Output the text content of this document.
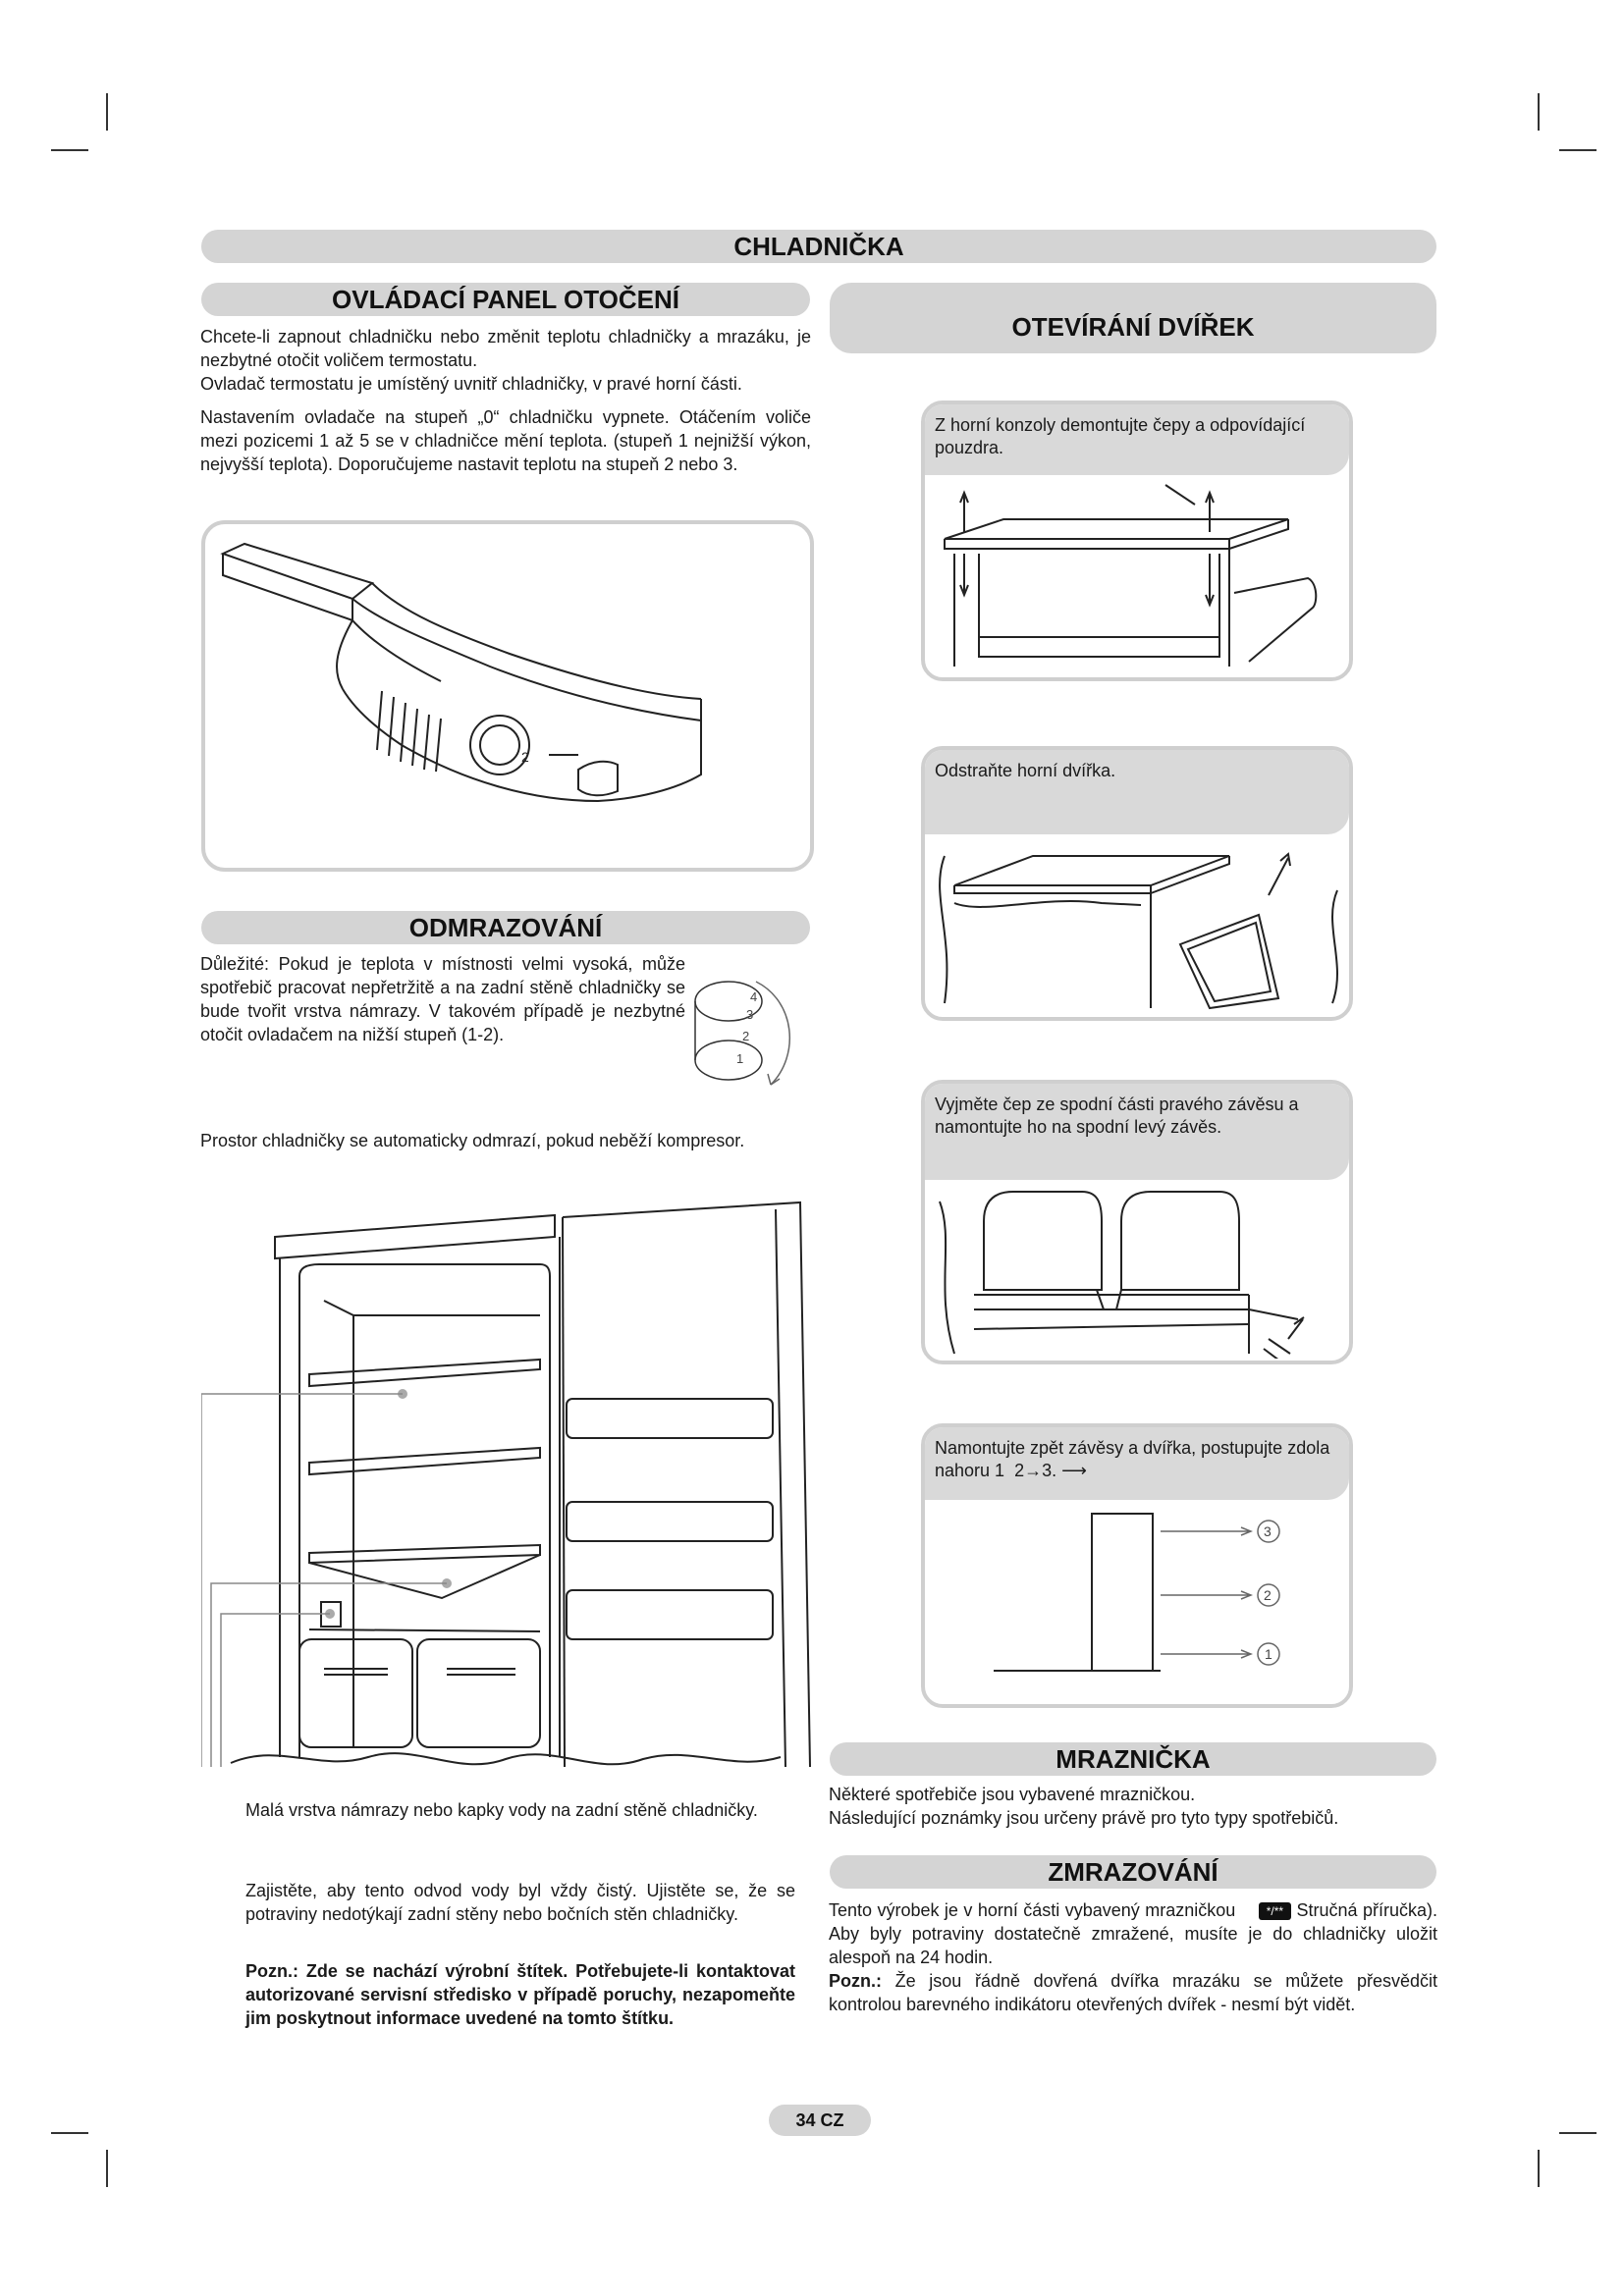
CHLADNIČKA
OVLÁDACÍ PANEL OTOČENÍ
Chcete-li zapnout chladničku nebo změnit teplotu chladničky a mrazáku, je nezbytné otočit voličem termostatu.
Ovladač termostatu je umístěný uvnitř chladničky, v pravé horní části.
Nastavením ovladače na stupeň „0“ chladničku vypnete. Otáčením voliče mezi pozicemi 1 až 5 se v chladničce mění teplota. (stupeň 1 nejnižší výkon, nejvyšší teplota). Doporučujeme nastavit teplotu na stupeň 2 nebo 3.
2
ODMRAZOVÁNÍ
Důležité: Pokud je teplota v místnosti velmi vysoká, může spotřebič pracovat nepřetržitě a na zadní stěně chladničky se bude tvořit vrstva námrazy. V takovém případě je nezbytné otočit ovladačem na nižší stupeň (1-2).
4
3
2
1
Prostor chladničky se automaticky odmrazí, pokud neběží kompresor.
Malá vrstva námrazy nebo kapky vody na zadní stěně chladničky.
Zajistěte, aby tento odvod vody byl vždy čistý. Ujistěte se, že se potraviny nedotýkají zadní stěny nebo bočních stěn chladničky.
Pozn.: Zde se nachází výrobní štítek. Potřebujete-li kontaktovat autorizované servisní středisko v případě poruchy, nezapomeňte jim poskytnout informace uvedené na tomto štítku.
OTEVÍRÁNÍ DVÍŘEK
Z horní konzoly demontujte čepy a odpovídající pouzdra.
Odstraňte horní dvířka.
Vyjměte čep ze spodní části pravého závěsu a namontujte ho na spodní levý závěs.
Namontujte zpět závěsy a dvířka, postupujte zdola nahoru 1 2→3. ⟶
3
2
1
MRAZNIČKA
Některé spotřebiče jsou vybavené mrazničkou.
Následující poznámky jsou určeny právě pro tyto typy spotřebičů.
ZMRAZOVÁNÍ
Tento výrobek je v horní části vybavený mrazničkou	*/** Stručná příručka). Aby byly potraviny dostatečně zmražené, musíte je do chladničky uložit alespoň na 24 hodin.
Pozn.: Že jsou řádně dovřená dvířka mrazáku se můžete přesvědčit kontrolou barevného indikátoru otevřených dvířek - nesmí být vidět.
34 CZ
